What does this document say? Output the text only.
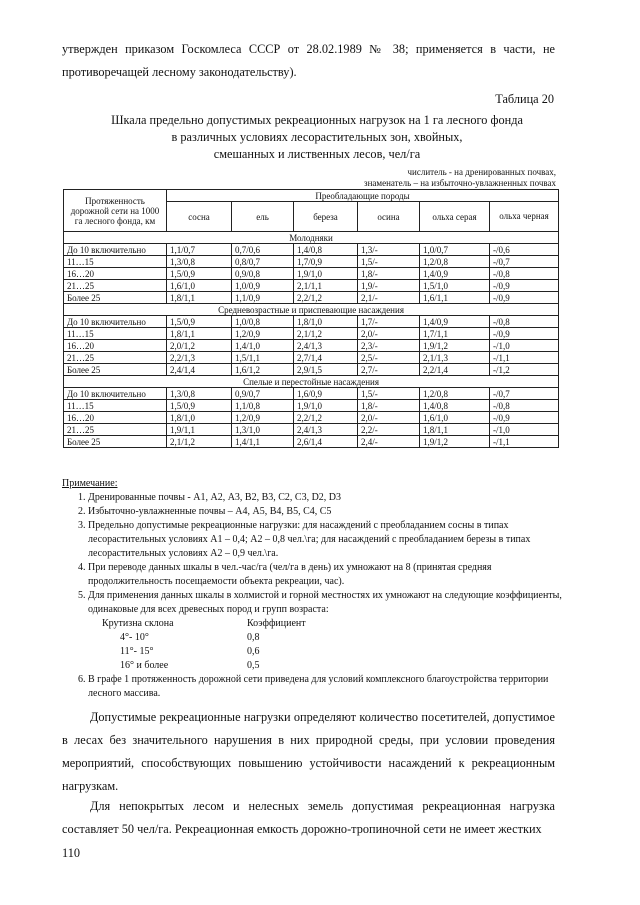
утвержден приказом Госкомлеса СССР от 28.02.1989 № 38; применяется в части, не противоречащей лесному законодательству).
Таблица 20
Шкала предельно допустимых рекреационных нагрузок на 1 га лесного фонда
в различных условиях лесорастительных зон, хвойных,
смешанных и лиственных лесов, чел/га
числитель - на дренированных почвах,
знаменатель – на избыточно-увлажненных почвах
Протяженность дорожной сети на 1000 га лесного фонда, км	Преобладающие породы					
	сосна	ель	береза	осина	ольха серая	ольха черная
Молодняки						
До 10 включительно	1,1/0,7	0,7/0,6	1,4/0,8	1,3/-	1,0/0,7	-/0,6
11…15	1,3/0,8	0,8/0,7	1,7/0,9	1,5/-	1,2/0,8	-/0,7
16…20	1,5/0,9	0,9/0,8	1,9/1,0	1,8/-	1,4/0,9	-/0,8
21…25	1,6/1,0	1,0/0,9	2,1/1,1	1,9/-	1,5/1,0	-/0,9
Более 25	1,8/1,1	1,1/0,9	2,2/1,2	2,1/-	1,6/1,1	-/0,9
Средневозрастные и приспевающие насаждения						
До 10 включительно	1,5/0,9	1,0/0,8	1,8/1,0	1,7/-	1,4/0,9	-/0,8
11…15	1,8/1,1	1,2/0,9	2,1/1,2	2,0/-	1,7/1,1	-/0,9
16…20	2,0/1,2	1,4/1,0	2,4/1,3	2,3/-	1,9/1,2	-/1,0
21…25	2,2/1,3	1,5/1,1	2,7/1,4	2,5/-	2,1/1,3	-/1,1
Более 25	2,4/1,4	1,6/1,2	2,9/1,5	2,7/-	2,2/1,4	-/1,2
Спелые и перестойные насаждения						
До 10 включительно	1,3/0,8	0,9/0,7	1,6/0,9	1,5/-	1,2/0,8	-/0,7
11…15	1,5/0,9	1,1/0,8	1,9/1,0	1,8/-	1,4/0,8	-/0,8
16…20	1,8/1,0	1,2/0,9	2,2/1,2	2,0/-	1,6/1,0	-/0,9
21…25	1,9/1,1	1,3/1,0	2,4/1,3	2,2/-	1,8/1,1	-/1,0
Более 25	2,1/1,2	1,4/1,1	2,6/1,4	2,4/-	1,9/1,2	-/1,1
Примечание:
1. Дренированные почвы - А1, А2, А3, В2, В3, С2, С3, D2, D3
2. Избыточно-увлажненные почвы – А4, А5, В4, В5, С4, С5
3. Предельно допустимые рекреационные нагрузки: для насаждений с преобладанием сосны в типах лесорастительных условиях А1 – 0,4; А2 – 0,8 чел.\га; для насаждений с преобладанием березы в типах лесорастительных условиях А2 – 0,9 чел.\га.
4. При переводе данных шкалы в чел.-час/га (чел/га в день) их умножают на 8 (принятая средняя продолжительность посещаемости объекта рекреации, час).
5. Для применения данных шкалы в холмистой и горной местностях их умножают на следующие коэффициенты, одинаковые для всех древесных пород и групп возраста:
Крутизна склона	Коэффициент
4°- 10°	0,8
11°- 15°	0,6
16° и более	0,5
6. В графе 1 протяженность дорожной сети приведена для условий комплексного благоустройства территории лесного массива.
Допустимые рекреационные нагрузки определяют количество посетителей, допустимое в лесах без значительного нарушения в них природной среды, при условии проведения мероприятий, способствующих повышению устойчивости насаждений к рекреационным нагрузкам.
Для непокрытых лесом и нелесных земель допустимая рекреационная нагрузка составляет 50 чел/га. Рекреационная емкость дорожно-тропиночной сети не имеет жестких
110
